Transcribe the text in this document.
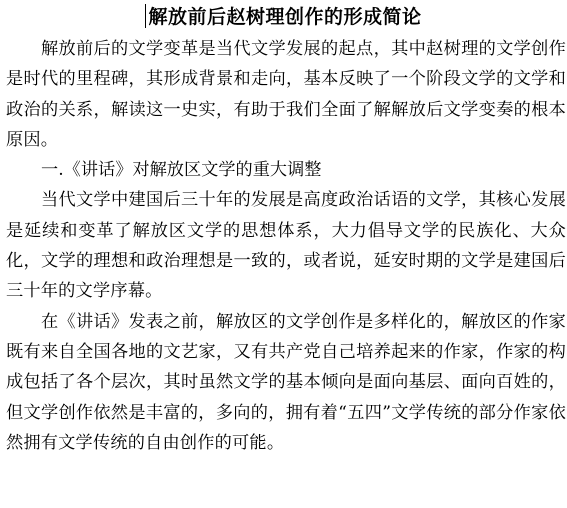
解放前后赵树理创作的形成简论

解放前后的文学变革是当代文学发展的起点，其中赵树理的文学创作是时代的里程碑，其形成背景和走向，基本反映了一个阶段文学的文学和政治的关系，解读这一史实，有助于我们全面了解解放后文学变奏的根本原因。

一.《讲话》对解放区文学的重大调整

当代文学中建国后三十年的发展是高度政治话语的文学，其核心发展是延续和变革了解放区文学的思想体系，大力倡导文学的民族化、大众化，文学的理想和政治理想是一致的，或者说，延安时期的文学是建国后三十年的文学序幕。

在《讲话》发表之前，解放区的文学创作是多样化的，解放区的作家既有来自全国各地的文艺家，又有共产党自己培养起来的作家，作家的构成包括了各个层次，其时虽然文学的基本倾向是面向基层、面向百姓的，但文学创作依然是丰富的，多向的，拥有着“五四”文学传统的部分作家依然拥有文学传统的自由创作的可能。
